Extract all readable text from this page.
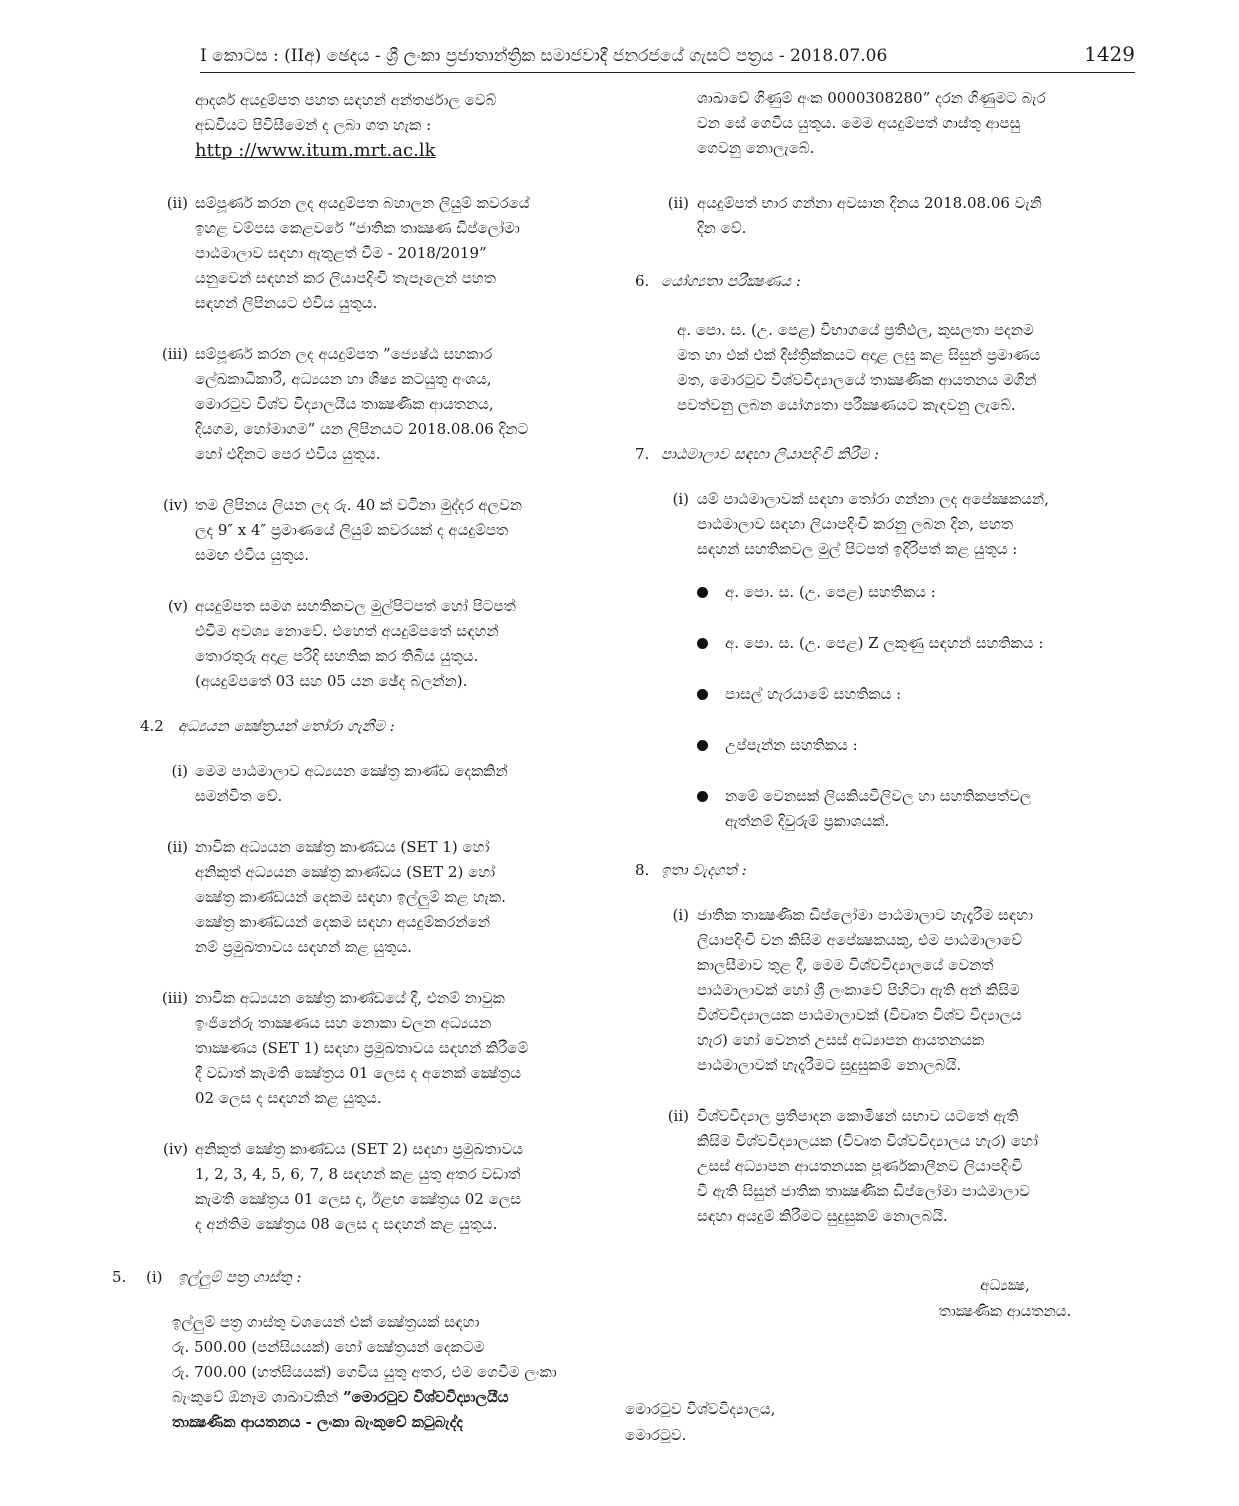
I කොටස : (IIඅ) ඡෙදය - ශ්‍රී ලංකා ප්‍රජාතාන්ත්‍රික සමාජවාදී ජනරජයේ ගැසට් පත්‍රය - 2018.07.06	1429
ආදර්ශ අයදුම්පත පහත සඳහන් අන්තර්ජාල වෙබ්
අඩවියට පිවිසීමෙන් ද ලබා ගත හැක :
http ://www.itum.mrt.ac.lk
(ii) සම්පූර්ණ කරන ලද අයදුම්පත බහාලන ලියුම් කවරයේ
ඉහළ වම්පස කෙළවරේ “ජාතික තාක්‍ෂණ ඩිප්ලෝමා
පාඨමාලාව සඳහා ඇතුළත් වීම - 2018/2019”
යනුවෙන් සඳහන් කර ලියාපදිංචි තැපෑලෙන් පහත
සඳහන් ලිපිනයට එවිය යුතුය.
(iii) සම්පූර්ණ කරන ලද අයදුම්පත ”ජ්‍යෙෂ්ඨ සහකාර
ලේඛකාධිකාරී, අධ්‍යයන හා ශිෂ්‍ය කටයුතු අංශය,
මොරටුව විශ්ව විද්‍යාලයීය තාක්‍ෂණික ආයතනය,
දියගම, හෝමාගම” යන ලිපිනයට 2018.08.06 දිනට
හෝ එදිනට පෙර එවිය යුතුය.
(iv) තම ලිපිනය ලියන ලද රු. 40 ක් වටිනා මුද්දර අලවන
ලද 9″ x 4″ ප්‍රමාණයේ ලියුම් කවරයක් ද අයදුම්පත
සමඟ එවිය යුතුය.
(v) අයදුම්පත සමග සහතිකවල මුල්පිටපත් හෝ පිටපත්
එවීම අවශ්‍ය නොවේ. එහෙත් අයදුම්පතේ සඳහන්
තොරතුරු අදාළ පරිදි සහතික කර තිබිය යුතුය.
(අයදුම්පතේ 03 සහ 05 යන ඡේද බලන්න).
4.2 අධ්‍යයන ක්‍ෂේත්‍රයන් තෝරා ගැනීම :
(i) මෙම පාඨමාලාව අධ්‍යයන ක්‍ෂේත්‍ර කාණ්ඩ දෙකකින්
සමන්විත වේ.
(ii) නාවික අධ්‍යයන ක්‍ෂේත්‍ර කාණ්ඩය (SET 1) හෝ
අනිකුත් අධ්‍යයන ක්‍ෂේත්‍ර කාණ්ඩය (SET 2) හෝ
ක්‍ෂේත්‍ර කාණ්ඩයන් දෙකම සඳහා ඉල්ලුම් කළ හැක.
ක්‍ෂේත්‍ර කාණ්ඩයන් දෙකම සඳහා අයදුම්කරන්නේ
නම් ප්‍රමුඛතාවය සඳහන් කළ යුතුය.
(iii) නාවික අධ්‍යයන ක්‍ෂේත්‍ර කාණ්ඩයේ දී, එනම් නාවුක
ඉංජිනේරු තාක්‍ෂණය සහ නොකා චලන අධ්‍යයන
තාක්‍ෂණය (SET 1) සඳහා ප්‍රමුඛතාවය සඳහන් කිරීමේ
දී වඩාත් කැමති ක්‍ෂේත්‍රය 01 ලෙස ද අනෙක් ක්‍ෂේත්‍රය
02 ලෙස ද සඳහන් කළ යුතුය.
(iv) අනිකුත් ක්‍ෂේත්‍ර කාණ්ඩය (SET 2) සඳහා ප්‍රමුඛතාවය
1, 2, 3, 4, 5, 6, 7, 8 සඳහන් කළ යුතු අතර වඩාත්
කැමති ක්‍ෂේත්‍රය 01 ලෙස ද, ඊළඟ ක්‍ෂේත්‍රය 02 ලෙස
ද අන්තිම ක්‍ෂේත්‍රය 08 ලෙස ද සඳහන් කළ යුතුය.
5.	(i)	ඉල්ලුම් පත්‍ර ගාස්තු :
ඉල්ලුම් පත්‍ර ගාස්තු වශයෙන් එක් ක්‍ෂේත්‍රයක් සඳහා
රු. 500.00 (පන්සියයක්) හෝ ක්‍ෂේත්‍රයන් දෙකටම
රු. 700.00 (හත්සියයක්) ගෙවිය යුතු අතර, එම ගෙවීම ලංකා
බැංකුවේ ඕනෑම ශාඛාවකින් ”මොරටුව විශ්වවිද්‍යාලයීය
තාක්‍ෂණික ආයතනය - ලංකා බැංකුවේ කටුබැද්ද
ශාඛාවේ ගිණුම් අංක 0000308280” දරන ගිණුමට බැර
වන සේ ගෙවිය යුතුය. මෙම අයදුම්පත් ගාස්තු ආපසු
ගෙවනු නොලැබේ.
(ii) අයදුම්පත් භාර ගන්නා අවසාන දිනය 2018.08.06 වැනි
දින වේ.
6. යෝග්‍යතා පරීක්‍ෂණය :
අ. පො. ස. (උ. පෙළ) විභාගයේ ප්‍රතිඵල, කුසලතා පදනම
මත හා එක් එක් දිස්ත්‍රික්කයට අදාළ ලඝු කළ සිසුන් ප්‍රමාණය
මත, මොරටුව විශ්වවිද්‍යාලයේ තාක්‍ෂණික ආයතනය මගින්
පවත්වනු ලබන යෝග්‍යතා පරීක්‍ෂණයට කැඳවනු ලැබේ.
7. පාඨමාලාව සඳහා ලියාපදිංචි කිරීම :
(i) යම් පාඨමාලාවක් සඳහා තෝරා ගන්නා ලද අපේක්‍ෂකයන්,
පාඨමාලාව සඳහා ලියාපදිංචි කරනු ලබන දින, පහත
සඳහන් සහතිකවල මුල් පිටපත් ඉදිරිපත් කළ යුතුය :
අ. පො. ස. (උ. පෙළ) සහතිකය :
අ. පො. ස. (උ. පෙළ) Z ලකුණු සඳහන් සහතිකය :
පාසල් හැරයාමේ සහතිකය :
උප්පැන්න සහතිකය :
නමේ වෙනසක් ලියකියවිලිවල හා සහතිකපත්වල
ඇත්නම් දිවුරුම් ප්‍රකාශයක්.
8. ඉතා වැදගත් :
(i) ජාතික තාක්‍ෂණික ඩිප්ලෝමා පාඨමාලාව හැදෑරීම සඳහා
ලියාපදිංචි වන කිසිම අපේක්‍ෂකයකු, එම පාඨමාලාවේ
කාලසීමාව තුළ දී, මෙම විශ්වවිද්‍යාලයේ වෙනත්
පාඨමාලාවක් හෝ ශ්‍රී ලංකාවේ පිහිටා ඇති අන් කිසිම
විශ්වවිද්‍යාලයක පාඨමාලාවක් (විවෘත විශ්ව විද්‍යාලය
හැර) හෝ වෙනත් උසස් අධ්‍යාපන ආයතනයක
පාඨමාලාවක් හැදෑරීමට සුදුසුකම් නොලබයි.
(ii) විශ්වවිද්‍යාල ප්‍රතිපාදන කොමිෂන් සභාව යටතේ ඇති
කිසිම විශ්වවිද්‍යාලයක (විවෘත විශ්වවිද්‍යාලය හැර) හෝ
උසස් අධ්‍යාපන ආයතනයක පූර්ණකාලීනව ලියාපදිංචි
වී ඇති සිසුන් ජාතික තාක්‍ෂණික ඩිප්ලෝමා පාඨමාලාව
සඳහා අයදුම් කිරීමට සුදුසුකම් නොලබයි.
අධ්‍යක්‍ෂ,
තාක්‍ෂණික ආයතනය.
මොරටුව විශ්වවිද්‍යාලය,
මොරටුව.
